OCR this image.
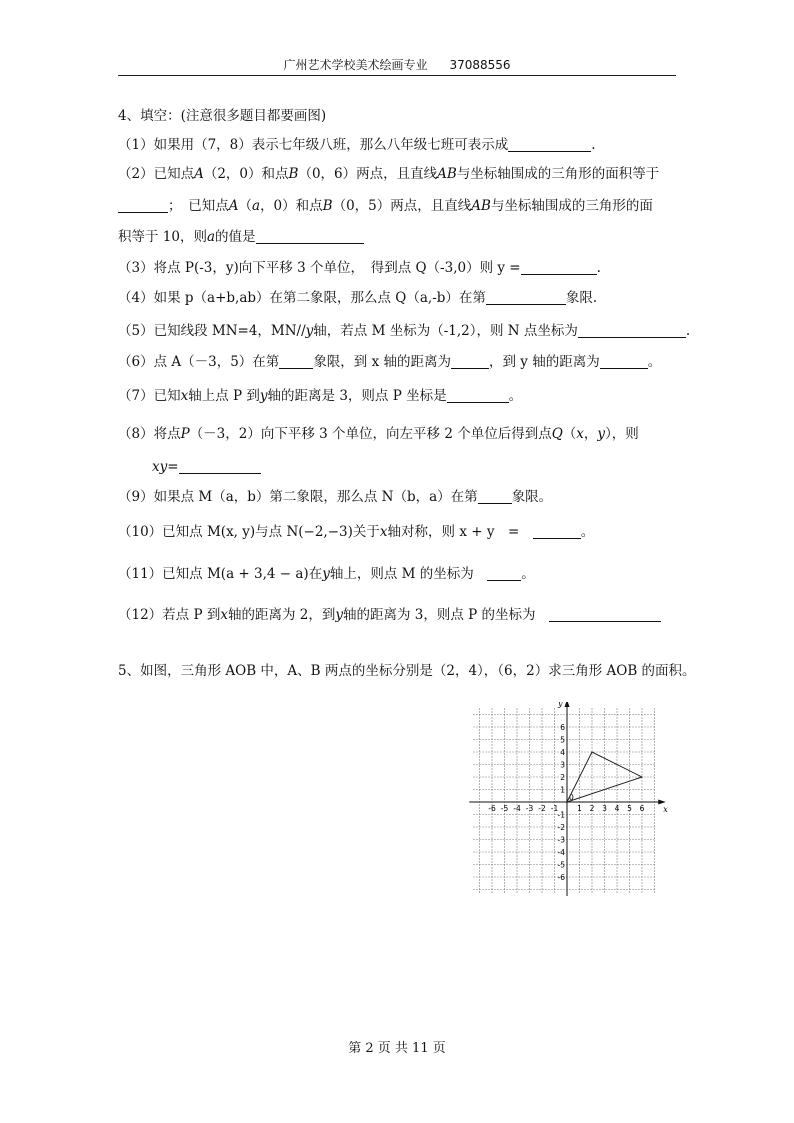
广州艺术学校美术绘画专业 37088556
4、填空：(注意很多题目都要画图)
（1）如果用（7，8）表示七年级八班，那么八年级七班可表示成	.
（2）已知点A（2，0）和点B（0，6）两点，且直线AB与坐标轴围成的三角形的面积等于
；　已知点A（a，0）和点B（0，5）两点，且直线AB与坐标轴围成的三角形的面
积等于 10，则a的值是
（3）将点 P(-3，y)向下平移 3 个单位，　得到点 Q（-3,0）则 y =	.
（4）如果 p（a+b,ab）在第二象限，那么点 Q（a,-b）在第	象限.
（5）已知线段 MN=4，MN//y轴，若点 M 坐标为（-1,2），则 N 点坐标为	.
（6）点 A（－3，5）在第	象限，到 x 轴的距离为	，到 y 轴的距离为	。
（7）已知x轴上点 P 到y轴的距离是 3，则点 P 坐标是	。
（8）将点P（－3，2）向下平移 3 个单位，向左平移 2 个单位后得到点Q（x，y），则
xy=
（9）如果点 M（a，b）第二象限，那么点 N（b，a）在第	象限。
（10）已知点 M(x, y)与点 N(−2,−3)关于x轴对称，则 x + y　=　	。
（11）已知点 M(a + 3,4 − a)在y轴上，则点 M 的坐标为　	。
（12）若点 P 到x轴的距离为 2，到y轴的距离为 3，则点 P 的坐标为　
5、如图，三角形 AOB 中，A、B 两点的坐标分别是（2，4），（6，2）求三角形 AOB 的面积。
x
y
0
-6 -5 -4 -3 -2 -1	1 2 3 4 5 6
6
5
4
3
2
1
-1
-2
-3
-4
-5
-6
第 2 页 共 11 页
